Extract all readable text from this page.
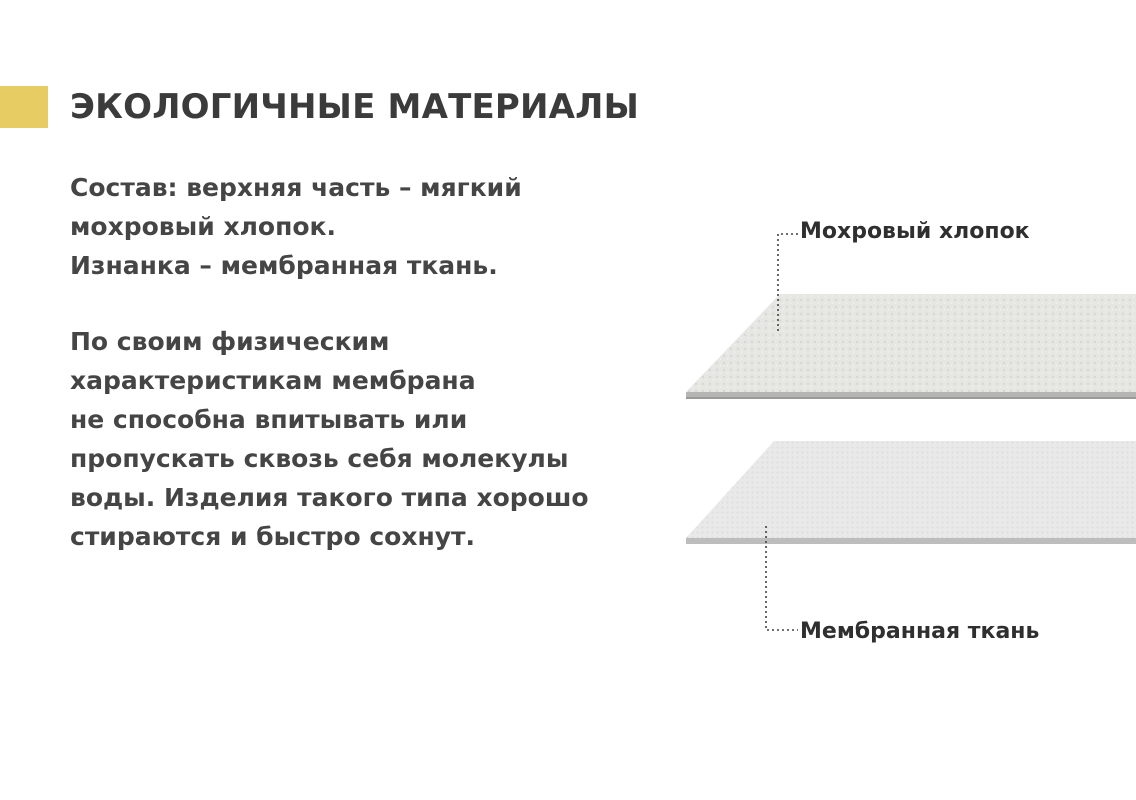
ЭКОЛОГИЧНЫЕ МАТЕРИАЛЫ
Состав: верхняя часть – мягкий
мохровый хлопок.
Изнанка – мембранная ткань.
По своим физическим
характеристикам мембрана
не способна впитывать или
пропускать сквозь себя молекулы
воды. Изделия такого типа хорошо
стираются и быстро сохнут.
Мохровый хлопок
Мембранная ткань
